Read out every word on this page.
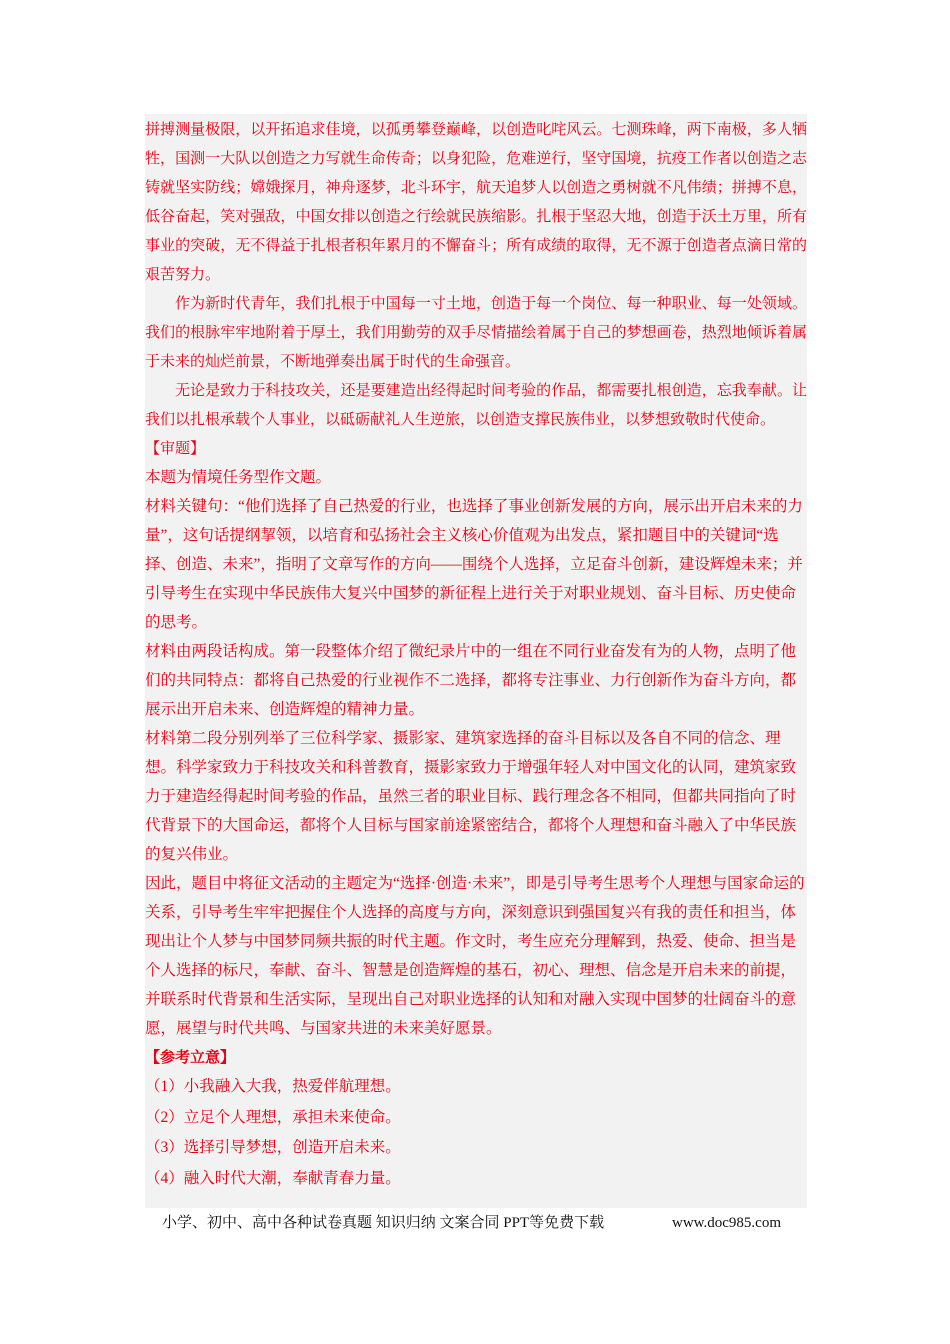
拼搏测量极限，以开拓追求佳境，以孤勇攀登巅峰，以创造叱咤风云。七测珠峰，两下南极，多人牺牲，国测一大队以创造之力写就生命传奇；以身犯险，危难逆行，坚守国境，抗疫工作者以创造之志铸就坚实防线；嫦娥探月，神舟逐梦，北斗环宇，航天追梦人以创造之勇树就不凡伟绩；拼搏不息，低谷奋起，笑对强敌，中国女排以创造之行绘就民族缩影。扎根于坚忍大地，创造于沃土万里，所有事业的突破，无不得益于扎根者积年累月的不懈奋斗；所有成绩的取得，无不源于创造者点滴日常的艰苦努力。

作为新时代青年，我们扎根于中国每一寸土地，创造于每一个岗位、每一种职业、每一处领域。我们的根脉牢牢地附着于厚土，我们用勤劳的双手尽情描绘着属于自己的梦想画卷，热烈地倾诉着属于未来的灿烂前景，不断地弹奏出属于时代的生命强音。

无论是致力于科技攻关，还是要建造出经得起时间考验的作品，都需要扎根创造，忘我奉献。让我们以扎根承载个人事业，以砥砺献礼人生逆旅，以创造支撑民族伟业，以梦想致敬时代使命。

【审题】

本题为情境任务型作文题。

材料关键句：“他们选择了自己热爱的行业，也选择了事业创新发展的方向，展示出开启未来的力量”，这句话提纲挈领，以培育和弘扬社会主义核心价值观为出发点，紧扣题目中的关键词“选择、创造、未来”，指明了文章写作的方向——围绕个人选择，立足奋斗创新，建设辉煌未来；并引导考生在实现中华民族伟大复兴中国梦的新征程上进行关于对职业规划、奋斗目标、历史使命的思考。

材料由两段话构成。第一段整体介绍了微纪录片中的一组在不同行业奋发有为的人物，点明了他们的共同特点：都将自己热爱的行业视作不二选择，都将专注事业、力行创新作为奋斗方向，都展示出开启未来、创造辉煌的精神力量。

材料第二段分别列举了三位科学家、摄影家、建筑家选择的奋斗目标以及各自不同的信念、理想。科学家致力于科技攻关和科普教育，摄影家致力于增强年轻人对中国文化的认同，建筑家致力于建造经得起时间考验的作品，虽然三者的职业目标、践行理念各不相同，但都共同指向了时代背景下的大国命运，都将个人目标与国家前途紧密结合，都将个人理想和奋斗融入了中华民族的复兴伟业。

因此，题目中将征文活动的主题定为“选择·创造·未来”，即是引导考生思考个人理想与国家命运的关系，引导考生牢牢把握住个人选择的高度与方向，深刻意识到强国复兴有我的责任和担当，体现出让个人梦与中国梦同频共振的时代主题。作文时，考生应充分理解到，热爱、使命、担当是个人选择的标尺，奉献、奋斗、智慧是创造辉煌的基石，初心、理想、信念是开启未来的前提，并联系时代背景和生活实际，呈现出自己对职业选择的认知和对融入实现中国梦的壮阔奋斗的意愿，展望与时代共鸣、与国家共进的未来美好愿景。

【参考立意】

（1）小我融入大我，热爱伴航理想。

（2）立足个人理想，承担未来使命。

（3）选择引导梦想，创造开启未来。

（4）融入时代大潮，奉献青春力量。

小学、初中、高中各种试卷真题 知识归纳 文案合同 PPT等免费下载	www.doc985.com
